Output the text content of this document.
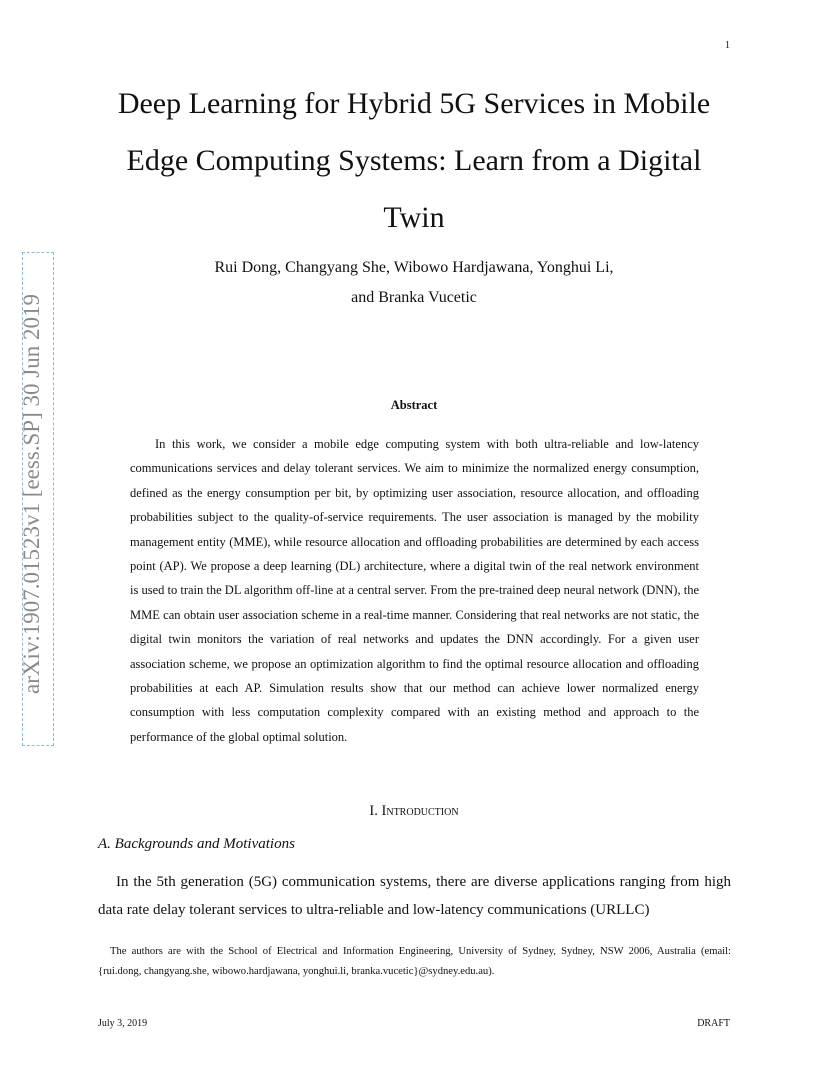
1
arXiv:1907.01523v1 [eess.SP] 30 Jun 2019
Deep Learning for Hybrid 5G Services in Mobile Edge Computing Systems: Learn from a Digital Twin
Rui Dong, Changyang She, Wibowo Hardjawana, Yonghui Li,
and Branka Vucetic
Abstract

In this work, we consider a mobile edge computing system with both ultra-reliable and low-latency communications services and delay tolerant services. We aim to minimize the normalized energy consumption, defined as the energy consumption per bit, by optimizing user association, resource allocation, and offloading probabilities subject to the quality-of-service requirements. The user association is managed by the mobility management entity (MME), while resource allocation and offloading probabilities are determined by each access point (AP). We propose a deep learning (DL) architecture, where a digital twin of the real network environment is used to train the DL algorithm off-line at a central server. From the pre-trained deep neural network (DNN), the MME can obtain user association scheme in a real-time manner. Considering that real networks are not static, the digital twin monitors the variation of real networks and updates the DNN accordingly. For a given user association scheme, we propose an optimization algorithm to find the optimal resource allocation and offloading probabilities at each AP. Simulation results show that our method can achieve lower normalized energy consumption with less computation complexity compared with an existing method and approach to the performance of the global optimal solution.

I. Introduction
A. Backgrounds and Motivations

In the 5th generation (5G) communication systems, there are diverse applications ranging from high data rate delay tolerant services to ultra-reliable and low-latency communications (URLLC)

The authors are with the School of Electrical and Information Engineering, University of Sydney, Sydney, NSW 2006, Australia (email: {rui.dong, changyang.she, wibowo.hardjawana, yonghui.li, branka.vucetic}@sydney.edu.au).

July 3, 2019	DRAFT
